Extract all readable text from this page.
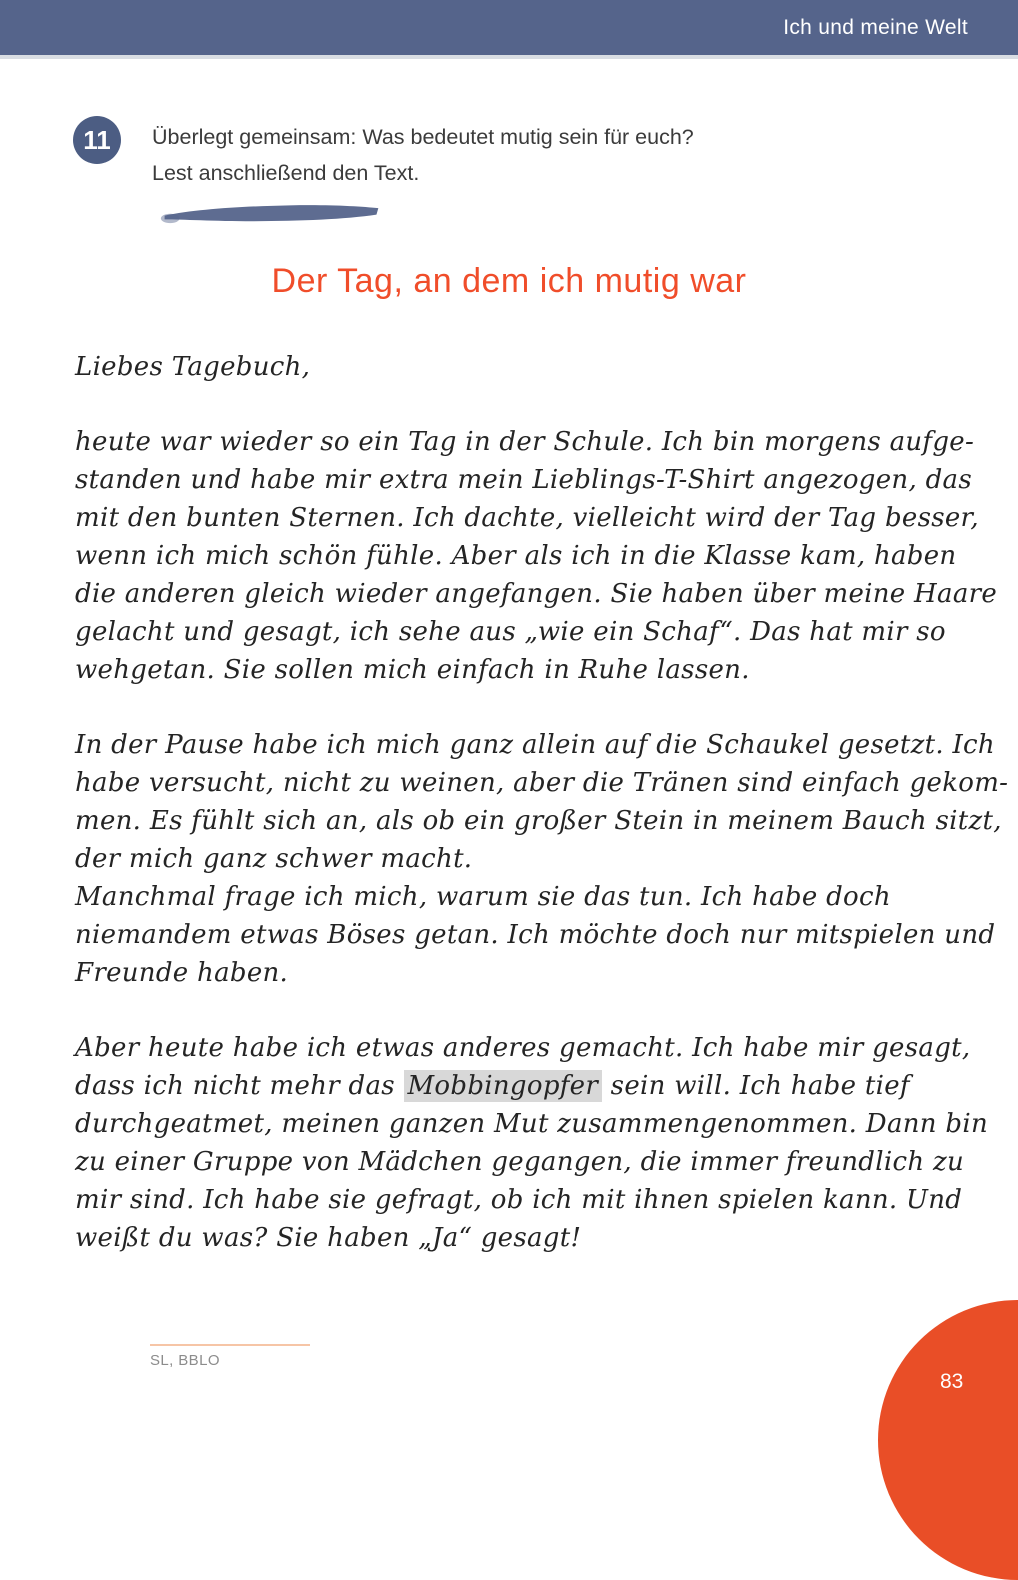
Ich und meine Welt
11	Überlegt gemeinsam: Was bedeutet mutig sein für euch?
Lest anschließend den Text.
Der Tag, an dem ich mutig war

Liebes Tagebuch,

heute war wieder so ein Tag in der Schule. Ich bin morgens aufge-
standen und habe mir extra mein Lieblings-T-Shirt angezogen, das
mit den bunten Sternen. Ich dachte, vielleicht wird der Tag besser,
wenn ich mich schön fühle. Aber als ich in die Klasse kam, haben
die anderen gleich wieder angefangen. Sie haben über meine Haare
gelacht und gesagt, ich sehe aus „wie ein Schaf“. Das hat mir so
wehgetan. Sie sollen mich einfach in Ruhe lassen.
In der Pause habe ich mich ganz allein auf die Schaukel gesetzt. Ich
habe versucht, nicht zu weinen, aber die Tränen sind einfach gekom-
men. Es fühlt sich an, als ob ein großer Stein in meinem Bauch sitzt,
der mich ganz schwer macht.
Manchmal frage ich mich, warum sie das tun. Ich habe doch
niemandem etwas Böses getan. Ich möchte doch nur mitspielen und
Freunde haben.
Aber heute habe ich etwas anderes gemacht. Ich habe mir gesagt,
dass ich nicht mehr das Mobbingopfer sein will. Ich habe tief
durchgeatmet, meinen ganzen Mut zusammengenommen. Dann bin
zu einer Gruppe von Mädchen gegangen, die immer freundlich zu
mir sind. Ich habe sie gefragt, ob ich mit ihnen spielen kann. Und
weißt du was? Sie haben „Ja“ gesagt!
SL, BBLO
83
